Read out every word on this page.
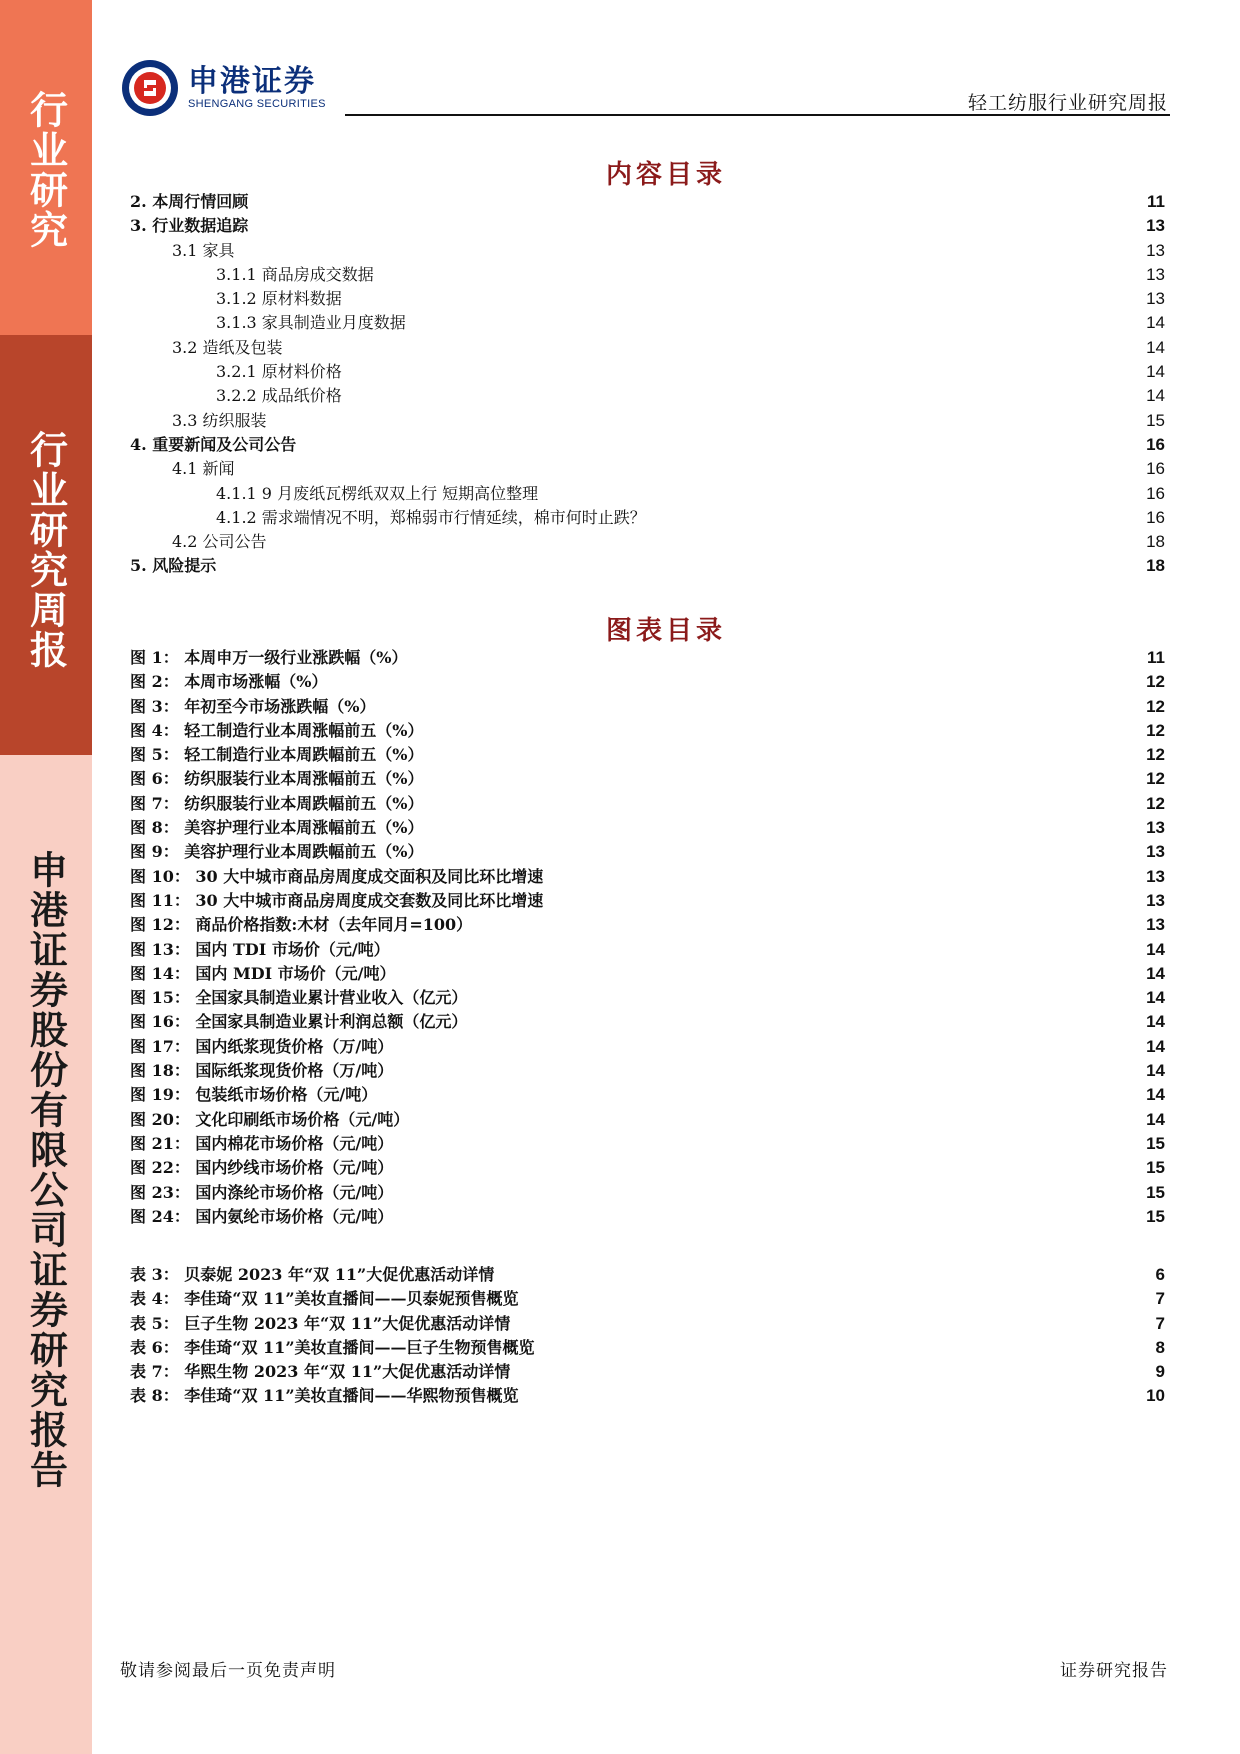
行业研究
行业研究周报
申港证券股份有限公司证券研究报告
申港证券
SHENGANG SECURITIES	轻工纺服行业研究周报
内容目录
2. 本周行情回顾	11
3. 行业数据追踪	13
3.1 家具	13
3.1.1 商品房成交数据	13
3.1.2 原材料数据	13
3.1.3 家具制造业月度数据	14
3.2 造纸及包装	14
3.2.1 原材料价格	14
3.2.2 成品纸价格	14
3.3 纺织服装	15
4. 重要新闻及公司公告	16
4.1 新闻	16
4.1.1 9 月废纸瓦楞纸双双上行 短期高位整理	16
4.1.2 需求端情况不明，郑棉弱市行情延续，棉市何时止跌？	16
4.2 公司公告	18
5. 风险提示	18
图表目录
图 1： 本周申万一级行业涨跌幅（%）	11
图 2： 本周市场涨幅（%）	12
图 3： 年初至今市场涨跌幅（%）	12
图 4： 轻工制造行业本周涨幅前五（%）	12
图 5： 轻工制造行业本周跌幅前五（%）	12
图 6： 纺织服装行业本周涨幅前五（%）	12
图 7： 纺织服装行业本周跌幅前五（%）	12
图 8： 美容护理行业本周涨幅前五（%）	13
图 9： 美容护理行业本周跌幅前五（%）	13
图 10： 30 大中城市商品房周度成交面积及同比环比增速	13
图 11： 30 大中城市商品房周度成交套数及同比环比增速	13
图 12： 商品价格指数:木材（去年同月=100）	13
图 13： 国内 TDI 市场价（元/吨）	14
图 14： 国内 MDI 市场价（元/吨）	14
图 15： 全国家具制造业累计营业收入（亿元）	14
图 16： 全国家具制造业累计利润总额（亿元）	14
图 17： 国内纸浆现货价格（万/吨）	14
图 18： 国际纸浆现货价格（万/吨）	14
图 19： 包装纸市场价格（元/吨）	14
图 20： 文化印刷纸市场价格（元/吨）	14
图 21： 国内棉花市场价格（元/吨）	15
图 22： 国内纱线市场价格（元/吨）	15
图 23： 国内涤纶市场价格（元/吨）	15
图 24： 国内氨纶市场价格（元/吨）	15
表 3： 贝泰妮 2023 年“双 11”大促优惠活动详情	6
表 4： 李佳琦“双 11”美妆直播间——贝泰妮预售概览	7
表 5： 巨子生物 2023 年“双 11”大促优惠活动详情	7
表 6： 李佳琦“双 11”美妆直播间——巨子生物预售概览	8
表 7： 华熙生物 2023 年“双 11”大促优惠活动详情	9
表 8： 李佳琦“双 11”美妆直播间——华熙物预售概览	10
敬请参阅最后一页免责声明	证券研究报告
